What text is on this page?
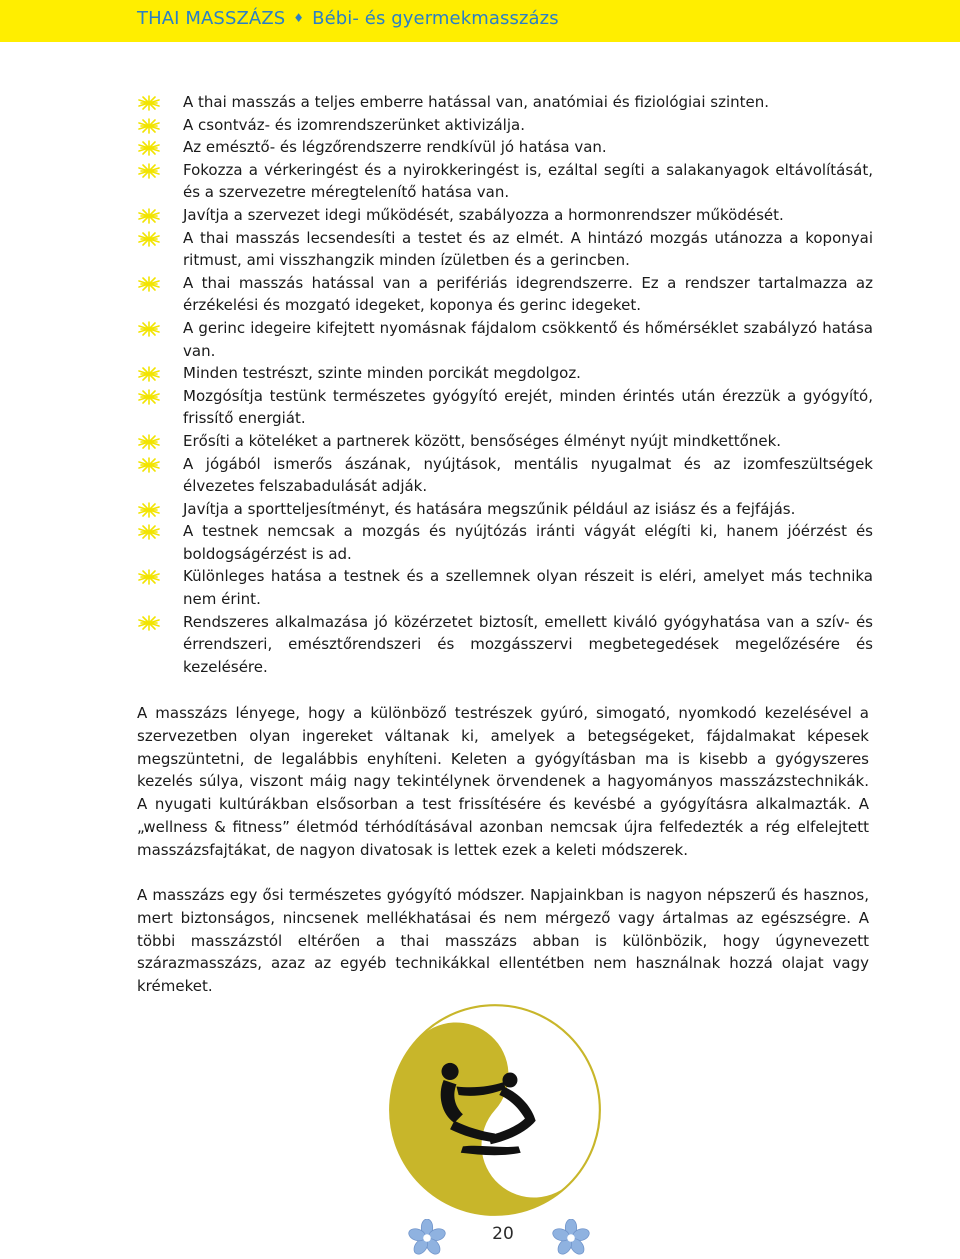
THAI MASSZÁZS ♦ Bébi- és gyermekmasszázs
A thai masszás a teljes emberre hatással van, anatómiai és fiziológiai szinten.
A csontváz- és izomrendszerünket aktivizálja.
Az emésztő- és légzőrendszerre rendkívül jó hatása van.
Fokozza a vérkeringést és a nyirokkeringést is, ezáltal segíti a salakanyagok eltávolítását, és a szervezetre méregtelenítő hatása van.
Javítja a szervezet idegi működését, szabályozza a hormonrendszer működését.
A thai masszás lecsendesíti a testet és az elmét. A hintázó mozgás utánozza a koponyai ritmust, ami visszhangzik minden ízületben és a gerincben.
A thai masszás hatással van a perifériás idegrendszerre. Ez a rendszer tartalmazza az érzékelési és mozgató idegeket, koponya és gerinc idegeket.
A gerinc idegeire kifejtett nyomásnak fájdalom csökkentő és hőmérséklet szabályzó hatása van.
Minden testrészt, szinte minden porcikát megdolgoz.
Mozgósítja testünk természetes gyógyító erejét, minden érintés után érezzük a gyógyító, frissítő energiát.
Erősíti a köteléket a partnerek között, bensőséges élményt nyújt mindkettőnek.
A jógából ismerős ászának, nyújtások, mentális nyugalmat és az izomfeszültségek élvezetes felszabadulását adják.
Javítja a sportteljesítményt, és hatására megszűnik például az isiász és a fejfájás.
A testnek nemcsak a mozgás és nyújtózás iránti vágyát elégíti ki, hanem jóérzést és boldogságérzést is ad.
Különleges hatása a testnek és a szellemnek olyan részeit is eléri, amelyet más technika nem érint.
Rendszeres alkalmazása jó közérzetet biztosít, emellett kiváló gyógyhatása van a szív- és érrendszeri, emésztőrendszeri és mozgásszervi megbetegedések megelőzésére és kezelésére.
A masszázs lényege, hogy a különböző testrészek gyúró, simogató, nyomkodó kezelésével a szervezetben olyan ingereket váltanak ki, amelyek a betegségeket, fájdalmakat képesek megszüntetni, de legalábbis enyhíteni. Keleten a gyógyításban ma is kisebb a gyógyszeres kezelés súlya, viszont máig nagy tekintélynek örvendenek a hagyományos masszázstechnikák. A nyugati kultúrákban elsősorban a test frissítésére és kevésbé a gyógyításra alkalmazták. A „wellness & fitness” életmód térhódításával azonban nemcsak újra felfedezték a rég elfelejtett masszázsfajtákat, de nagyon divatosak is lettek ezek a keleti módszerek.
A masszázs egy ősi természetes gyógyító módszer. Napjainkban is nagyon népszerű és hasznos, mert biztonságos, nincsenek mellékhatásai és nem mérgező vagy ártalmas az egészségre. A többi masszázstól eltérően a thai masszázs abban is különbözik, hogy úgynevezett szárazmasszázs, azaz az egyéb technikákkal ellentétben nem használnak hozzá olajat vagy krémeket.
20
